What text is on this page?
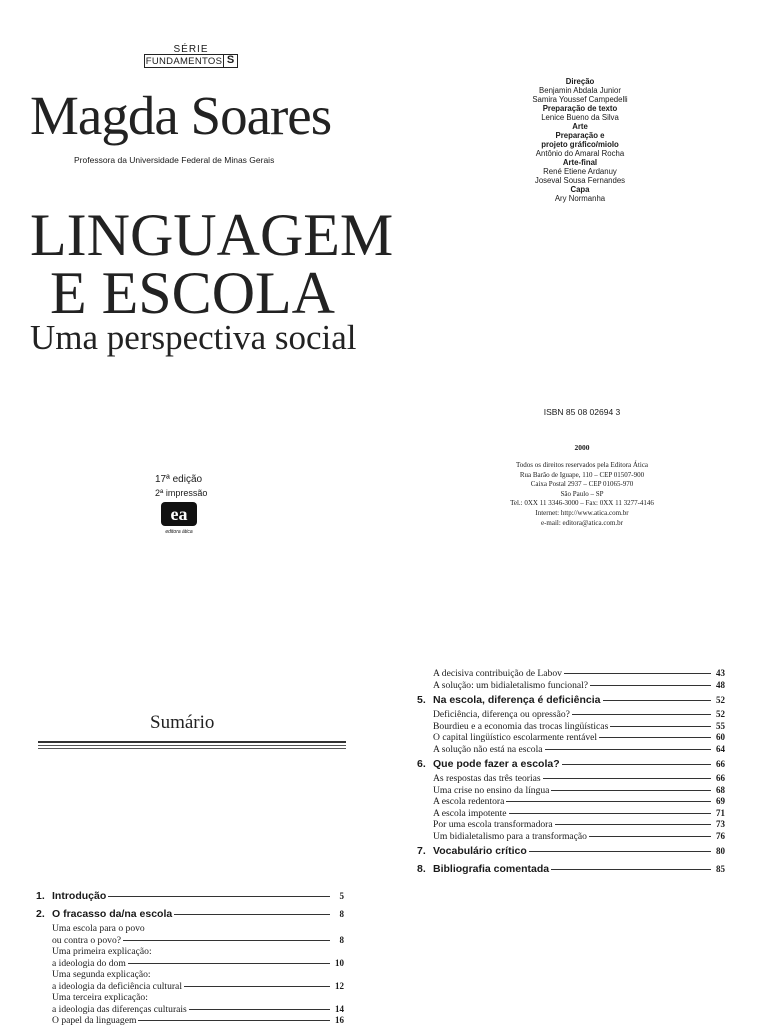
SÉRIE
FUNDAMENTOS S
Magda Soares
Professora da Universidade Federal de Minas Gerais
LINGUAGEM
E ESCOLA
Uma perspectiva social
17ª edição
2ª impressão
ea
editora ática
Direção
Benjamin Abdala Junior
Samira Youssef Campedelli
Preparação de texto
Lenice Bueno da Silva
Arte
Preparação e
projeto gráfico/miolo
Antônio do Amaral Rocha
Arte-final
René Etiene Ardanuy
Joseval Sousa Fernandes
Capa
Ary Normanha
ISBN 85 08 02694 3
2000
Todos os direitos reservados pela Editora Ática
Rua Barão de Iguape, 110 – CEP 01507-900
Caixa Postal 2937 – CEP 01065-970
São Paulo – SP
Tel.: 0XX 11 3346-3000 – Fax: 0XX 11 3277-4146
Internet: http://www.atica.com.br
e-mail: editora@atica.com.br
Sumário
1. Introdução	5
2. O fracasso da/na escola	8
Uma escola para o povo
ou contra o povo?	8
Uma primeira explicação:
a ideologia do dom	10
Uma segunda explicação:
a ideologia da deficiência cultural	12
Uma terceira explicação:
a ideologia das diferenças culturais	14
O papel da linguagem	16
A decisiva contribuição de Labov	43
A solução: um bidialetalismo funcional?	48
5. Na escola, diferença é deficiência	52
Deficiência, diferença ou opressão?	52
Bourdieu e a economia das trocas lingüísticas	55
O capital lingüístico escolarmente rentável	60
A solução não está na escola	64
6. Que pode fazer a escola?	66
As respostas das três teorias	66
Uma crise no ensino da língua	68
A escola redentora	69
A escola impotente	71
Por uma escola transformadora	73
Um bidialetalismo para a transformação	76
7. Vocabulário crítico	80
8. Bibliografia comentada	85
